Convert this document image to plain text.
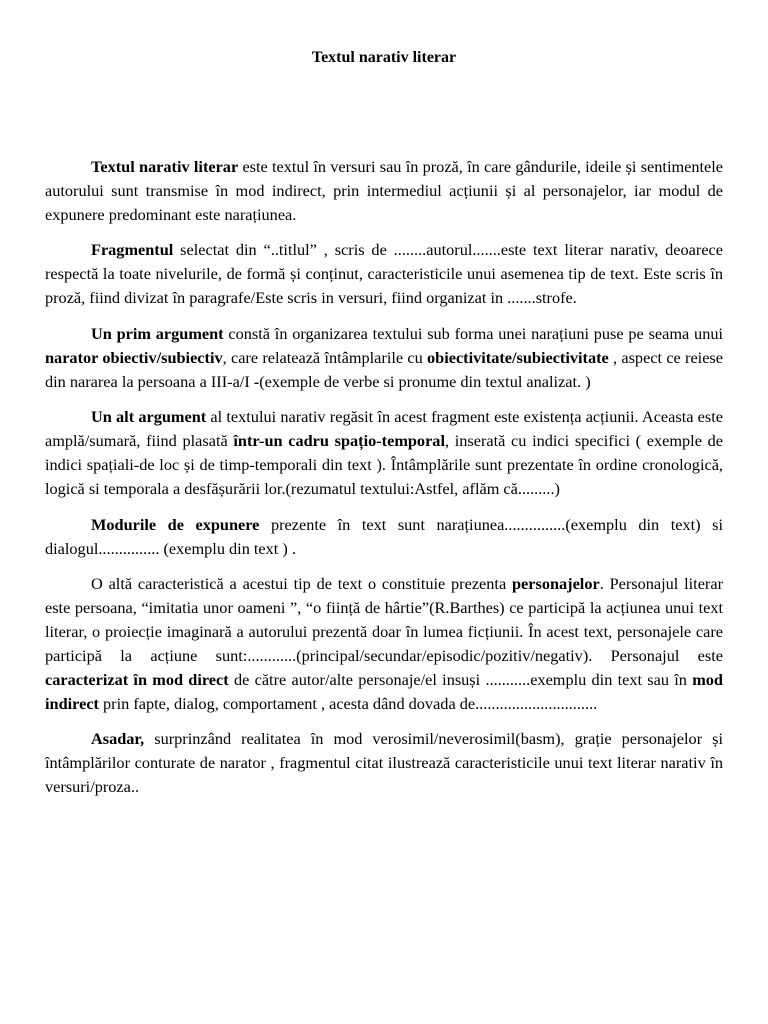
Textul narativ literar

Textul narativ literar este textul în versuri sau în proză, în care gândurile, ideile și sentimentele autorului sunt transmise în mod indirect, prin intermediul acțiunii și al personajelor, iar modul de expunere predominant este narațiunea.

Fragmentul selectat din “..titlul” , scris de ........autorul.......este text literar narativ, deoarece respectă la toate nivelurile, de formă și conținut, caracteristicile unui asemenea tip de text. Este scris în proză, fiind divizat în paragrafe/Este scris in versuri, fiind organizat in .......strofe.

Un prim argument constă în organizarea textului sub forma unei narațiuni puse pe seama unui narator obiectiv/subiectiv, care relatează întâmplarile cu obiectivitate/subiectivitate , aspect ce reiese din nararea la persoana a III-a/I -(exemple de verbe si pronume din textul analizat. )

Un alt argument al textului narativ regăsit în acest fragment este existența acțiunii. Aceasta este amplă/sumară, fiind plasată într-un cadru spațio-temporal, inserată cu indici specifici ( exemple de indici spațiali-de loc și de timp-temporali din text ). Întâmplările sunt prezentate în ordine cronologică, logică si temporala a desfășurării lor.(rezumatul textului:Astfel, aflăm că.........)

Modurile de expunere prezente în text sunt narațiunea...............(exemplu din text) si dialogul............... (exemplu din text ) .

O altă caracteristică a acestui tip de text o constituie prezenta personajelor. Personajul literar este persoana, “imitatia unor oameni ”, “o ființă de hârtie”(R.Barthes) ce participă la acțiunea unui text literar, o proiecție imaginară a autorului prezentă doar în lumea ficțiunii. În acest text, personajele care participă la acțiune sunt:............(principal/secundar/episodic/pozitiv/negativ). Personajul este caracterizat în mod direct de către autor/alte personaje/el insuși ...........exemplu din text sau în mod indirect prin fapte, dialog, comportament , acesta dând dovada de..............................

Asadar, surprinzând realitatea în mod verosimil/neverosimil(basm), grație personajelor și întâmplărilor conturate de narator , fragmentul citat ilustrează caracteristicile unui text literar narativ în versuri/proza..
